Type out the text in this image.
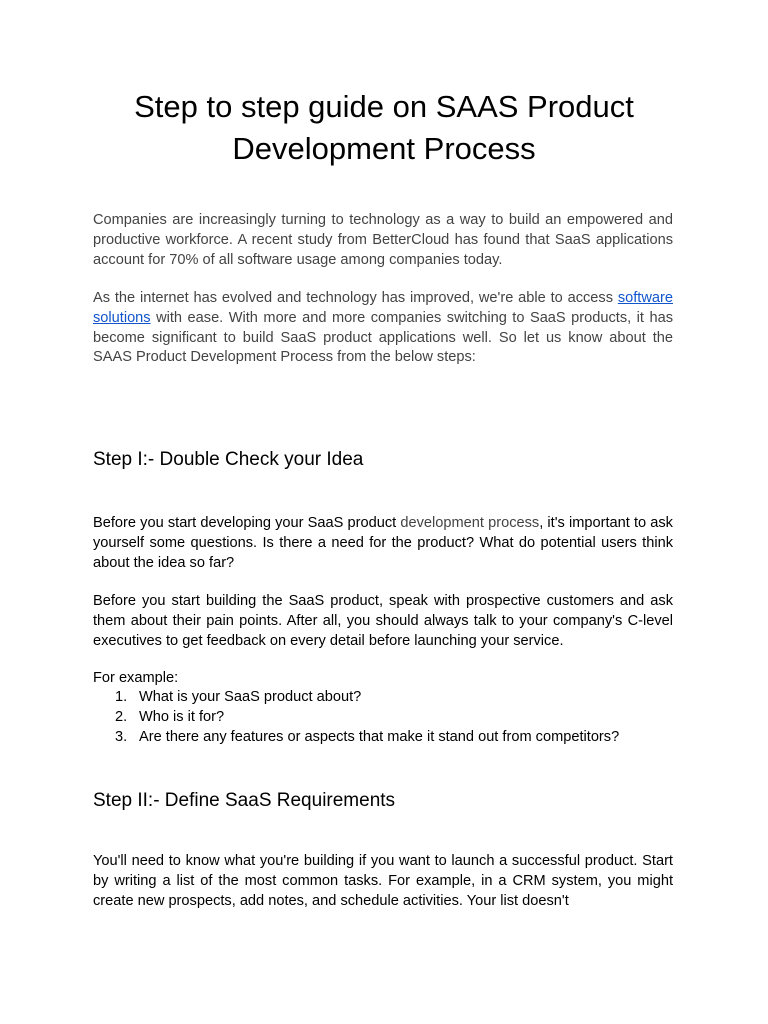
Step to step guide on SAAS Product Development Process

Companies are increasingly turning to technology as a way to build an empowered and productive workforce. A recent study from BetterCloud has found that SaaS applications account for 70% of all software usage among companies today.

As the internet has evolved and technology has improved, we're able to access software solutions with ease. With more and more companies switching to SaaS products, it has become significant to build SaaS product applications well. So let us know about the SAAS Product Development Process from the below steps:

Step I:- Double Check your Idea

Before you start developing your SaaS product development process, it's important to ask yourself some questions. Is there a need for the product? What do potential users think about the idea so far?

Before you start building the SaaS product, speak with prospective customers and ask them about their pain points. After all, you should always talk to your company's C-level executives to get feedback on every detail before launching your service.

For example:

1. What is your SaaS product about?
2. Who is it for?
3. Are there any features or aspects that make it stand out from competitors?
Step II:- Define SaaS Requirements

You'll need to know what you're building if you want to launch a successful product. Start by writing a list of the most common tasks. For example, in a CRM system, you might create new prospects, add notes, and schedule activities. Your list doesn't
